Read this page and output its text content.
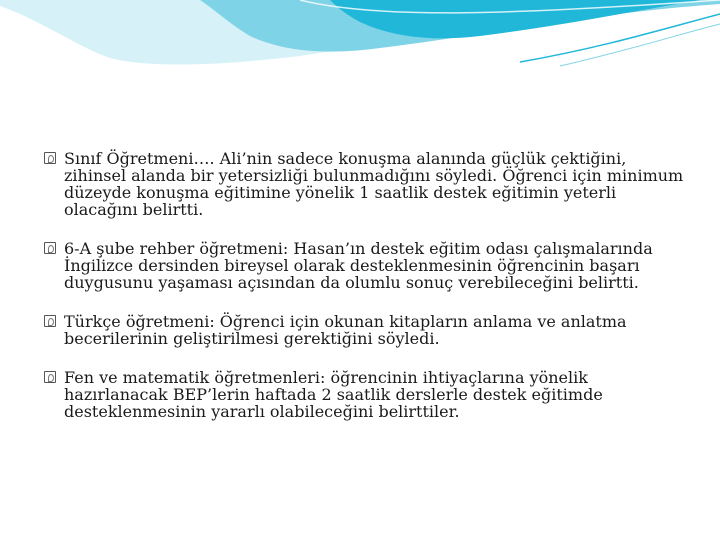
Sınıf Öğretmeni…. Ali’nin sadece konuşma alanında güçlük çektiğini, zihinsel alanda bir yetersizliği bulunmadığını söyledi. Öğrenci için minimum düzeyde konuşma eğitimine yönelik 1 saatlik destek eğitimin yeterli olacağını belirtti.

6-A şube rehber öğretmeni: Hasan’ın destek eğitim odası çalışmalarında İngilizce dersinden bireysel olarak desteklenmesinin öğrencinin başarı duygusunu yaşaması açısından da olumlu sonuç verebileceğini belirtti.

Türkçe öğretmeni: Öğrenci için okunan kitapların anlama ve anlatma becerilerinin geliştirilmesi gerektiğini söyledi.

Fen ve matematik öğretmenleri: öğrencinin ihtiyaçlarına yönelik hazırlanacak BEP’lerin haftada 2 saatlik derslerle destek eğitimde desteklenmesinin yararlı olabileceğini belirttiler.
